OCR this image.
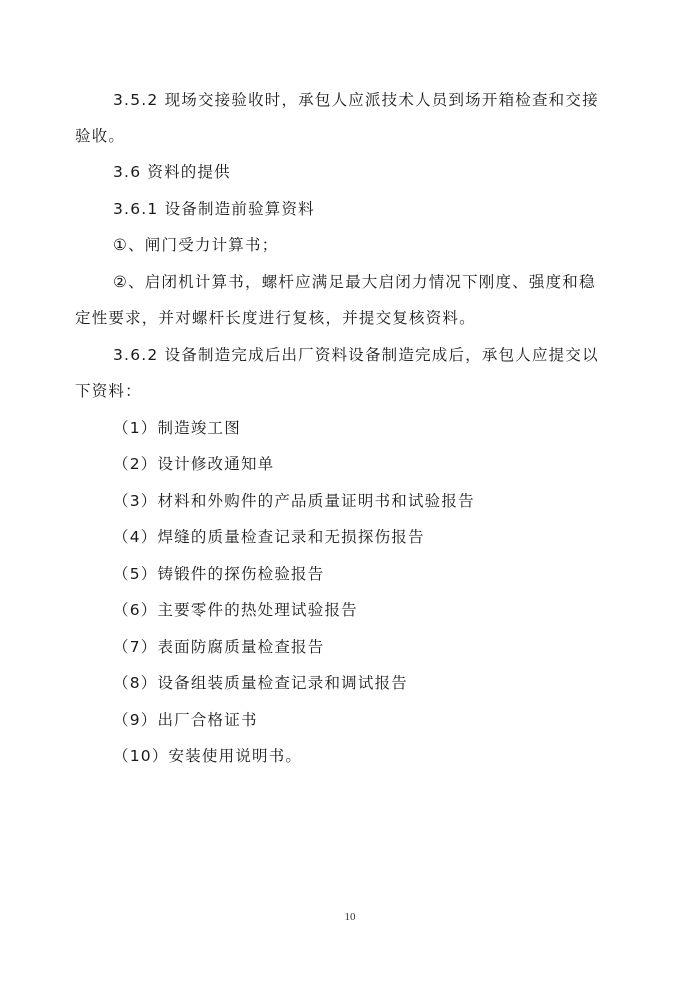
3.5.2 现场交接验收时，承包人应派技术人员到场开箱检查和交接
验收。
3.6 资料的提供
3.6.1 设备制造前验算资料
①、闸门受力计算书；
②、启闭机计算书，螺杆应满足最大启闭力情况下刚度、强度和稳
定性要求，并对螺杆长度进行复核，并提交复核资料。
3.6.2 设备制造完成后出厂资料设备制造完成后，承包人应提交以
下资料：
（1）制造竣工图
（2）设计修改通知单
（3）材料和外购件的产品质量证明书和试验报告
（4）焊缝的质量检查记录和无损探伤报告
（5）铸锻件的探伤检验报告
（6）主要零件的热处理试验报告
（7）表面防腐质量检查报告
（8）设备组装质量检查记录和调试报告
（9）出厂合格证书
（10）安装使用说明书。
10
